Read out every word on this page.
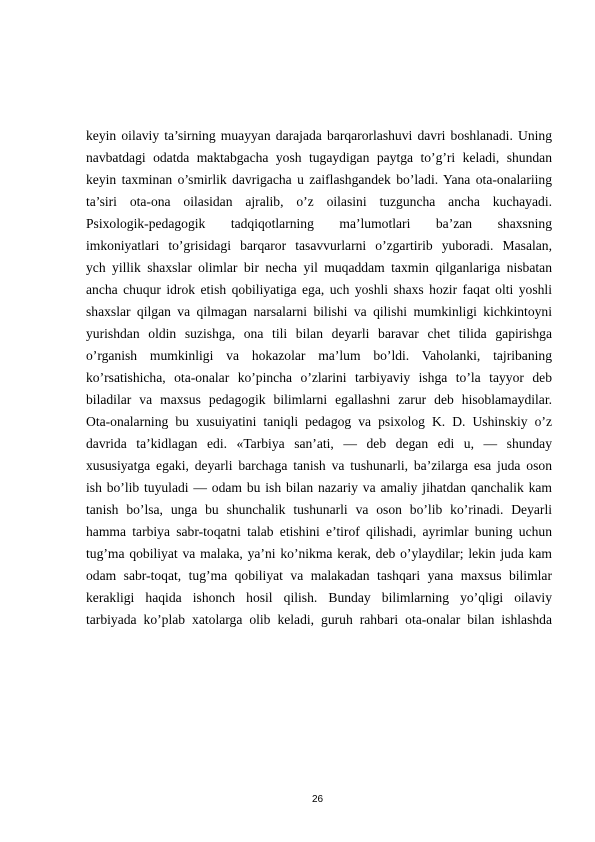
keyin oilaviy ta’sirning muayyan darajada barqarorlashuvi davri boshlanadi. Uning
navbatdagi odatda maktabgacha yosh tugaydigan paytga to’g’ri keladi, shundan
keyin taxminan o’smirlik davrigacha u zaiflashgandek bo’ladi. Yana ota-onalariing
ta’siri ota-ona oilasidan ajralib, o’z oilasini tuzguncha ancha kuchayadi.
Psixologik-pedagogik tadqiqotlarning ma’lumotlari ba’zan shaxsning
imkoniyatlari to’grisidagi barqaror tasavvurlarni o’zgartirib yuboradi. Masalan,
ych yillik shaxslar olimlar bir necha yil muqaddam taxmin qilganlariga nisbatan
ancha chuqur idrok etish qobiliyatiga ega, uch yoshli shaxs hozir faqat olti yoshli
shaxslar qilgan va qilmagan narsalarni bilishi va qilishi mumkinligi kichkintoyni
yurishdan oldin suzishga, ona tili bilan deyarli baravar chet tilida gapirishga
o’rganish mumkinligi va hokazolar ma’lum bo’ldi. Vaholanki, tajribaning
ko’rsatishicha, ota-onalar ko’pincha o’zlarini tarbiyaviy ishga to’la tayyor deb
biladilar va maxsus pedagogik bilimlarni egallashni zarur deb hisoblamaydilar.
Ota-onalarning bu xusuiyatini taniqli pedagog va psixolog K. D. Ushinskiy o’z
davrida ta’kidlagan edi. «Tarbiya san’ati, — deb degan edi u, — shunday
xususiyatga egaki, deyarli barchaga tanish va tushunarli, ba’zilarga esa juda oson
ish bo’lib tuyuladi — odam bu ish bilan nazariy va amaliy jihatdan qanchalik kam
tanish bo’lsa, unga bu shunchalik tushunarli va oson bo’lib ko’rinadi. Deyarli
hamma tarbiya sabr-toqatni talab etishini e’tirof qilishadi, ayrimlar buning uchun
tug’ma qobiliyat va malaka, ya’ni ko’nikma kerak, deb o’ylaydilar; lekin juda kam
odam sabr-toqat, tug’ma qobiliyat va malakadan tashqari yana maxsus bilimlar
kerakligi haqida ishonch hosil qilish. Bunday bilimlarning yo’qligi oilaviy
tarbiyada ko’plab xatolarga olib keladi, guruh rahbari ota-onalar bilan ishlashda
26
